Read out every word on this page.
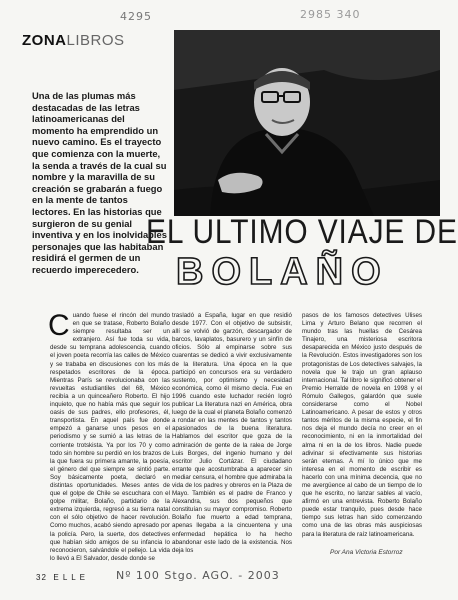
4295	2985 340
ZONALIBROS
Una de las plumas más destacadas de las letras latinoamericanas del momento ha emprendido un nuevo camino. Es el trayecto que comienza con la muerte, la senda a través de la cual su nombre y la maravilla de su creación se grabarán a fuego en la mente de tantos lectores. En las historias que surgieron de su genial inventiva y en los inolvidables personajes que las habitaban residirá el germen de un recuerdo imperecedero.
EL ULTIMO VIAJE DE
BOLAÑO
Cuando fuese el rincón del mundo en que se tratase, Roberto Bolaño siempre resultaba ser un extranjero. Así fue toda su vida, desde su temprana adolescencia, cuando el joven poeta recorría las calles de México y se trababa en discusiones con los más respetados escritores de la época. Mientras París se revolucionaba con las revueltas estudiantiles del 68, México recibía a un quinceañero Roberto. El hijo inquieto, que no había más que seguir los oasis de sus padres, ello profesores, él, transportista. En aquel país fue donde empezó a ganarse unos pesos en el periodismo y se sumió a las letras de la corriente trotskista. Ya por los 70 y como todo sin hombre su perdió en los brazos de la que fuera su primera amante, la poesía, el género del que siempre se sintió parte. Soy básicamente poeta, declaró en distintas oportunidades. Meses antes de que el golpe de Chile se escuchara con el golpe militar, Bolaño, partidario de la extrema izquierda, regresó a su tierra natal con el sólo objetivo de hacer revolución. Como muchos, acabó siendo apresado por la policía. Pero, la suerte, dos detectives que habían sido amigos de su infancia lo reconocieron, salvándole el pellejo. La vida lo llevó a El Salvador, desde donde se
trasladó a España, lugar en que residió desde 1977. Con el objetivo de subsistir, allí se volvió de garzón, descargador de barcos, lavaplatos, basurero y un sinfín de oficios. Sólo al empinarse sobre sus cuarentas se dedicó a vivir exclusivamente de la literatura. Una época en la que participó en concursos era su verdadero sustento, por optimismo y necesidad económica, como él mismo decía. Fue en 1996 cuando este luchador recién logró publicar La literatura nazi en América, obra luego de la cual el planeta Bolaño comenzó a rondar en las mentes de tantos y tantos apasionados de la buena literatura. Hablamos del escritor que goza de la admiración de gente de la ralea de Jorge Luis Borges, del ingenio humano y del escritor Julio Cortázar. El ciudadano errante que acostumbraba a aparecer sin mediar censura, el hombre que admiraba la vida de los padres y obreros en la Plaza de Mayo. También es el padre de Franco y Alexandra, sus dos pequeños que constituían su mayor compromiso. Roberto Bolaño fue muerto a edad temprana, apenas llegaba a la cincuentena y una enfermedad hepática lo ha hecho abandonar este lado de la existencia. Nos deja los
pasos de los famosos detectives Ulises Lima y Arturo Belano que recorren el mundo tras las huellas de Cesárea Tinajero, una misteriosa escritora desaparecida en México justo después de la Revolución. Estos investigadores son los protagonistas de Los detectives salvajes, la novela que le trajo un gran aplauso internacional. Tal libro le significó obtener el Premio Herralde de novela en 1998 y el Rómulo Gallegos, galardón que suele considerarse como el Nobel Latinoamericano. A pesar de estos y otros tantos méritos de la misma especie, el fin nos deja el mundo decía no creer en el reconocimiento, ni en la inmortalidad del alma ni en la de los libros. Nadie puede adivinar si efectivamente sus historias serán eternas. A mí lo único que me interesa en el momento de escribir es hacerlo con una mínima decencia, que no me avergüence al cabo de un tiempo de lo que he escrito, no lanzar sables al vacío, afirmó en una entrevista. Roberto Bolaño puede estar tranquilo, pues desde hace tiempo sus letras han sido comenzando como una de las obras más auspiciosas para la literatura de raíz latinoamericana.
Por Ana Victoria Estorroz
32 E L L E	Nº 100 Stgo. AGO. - 2003
